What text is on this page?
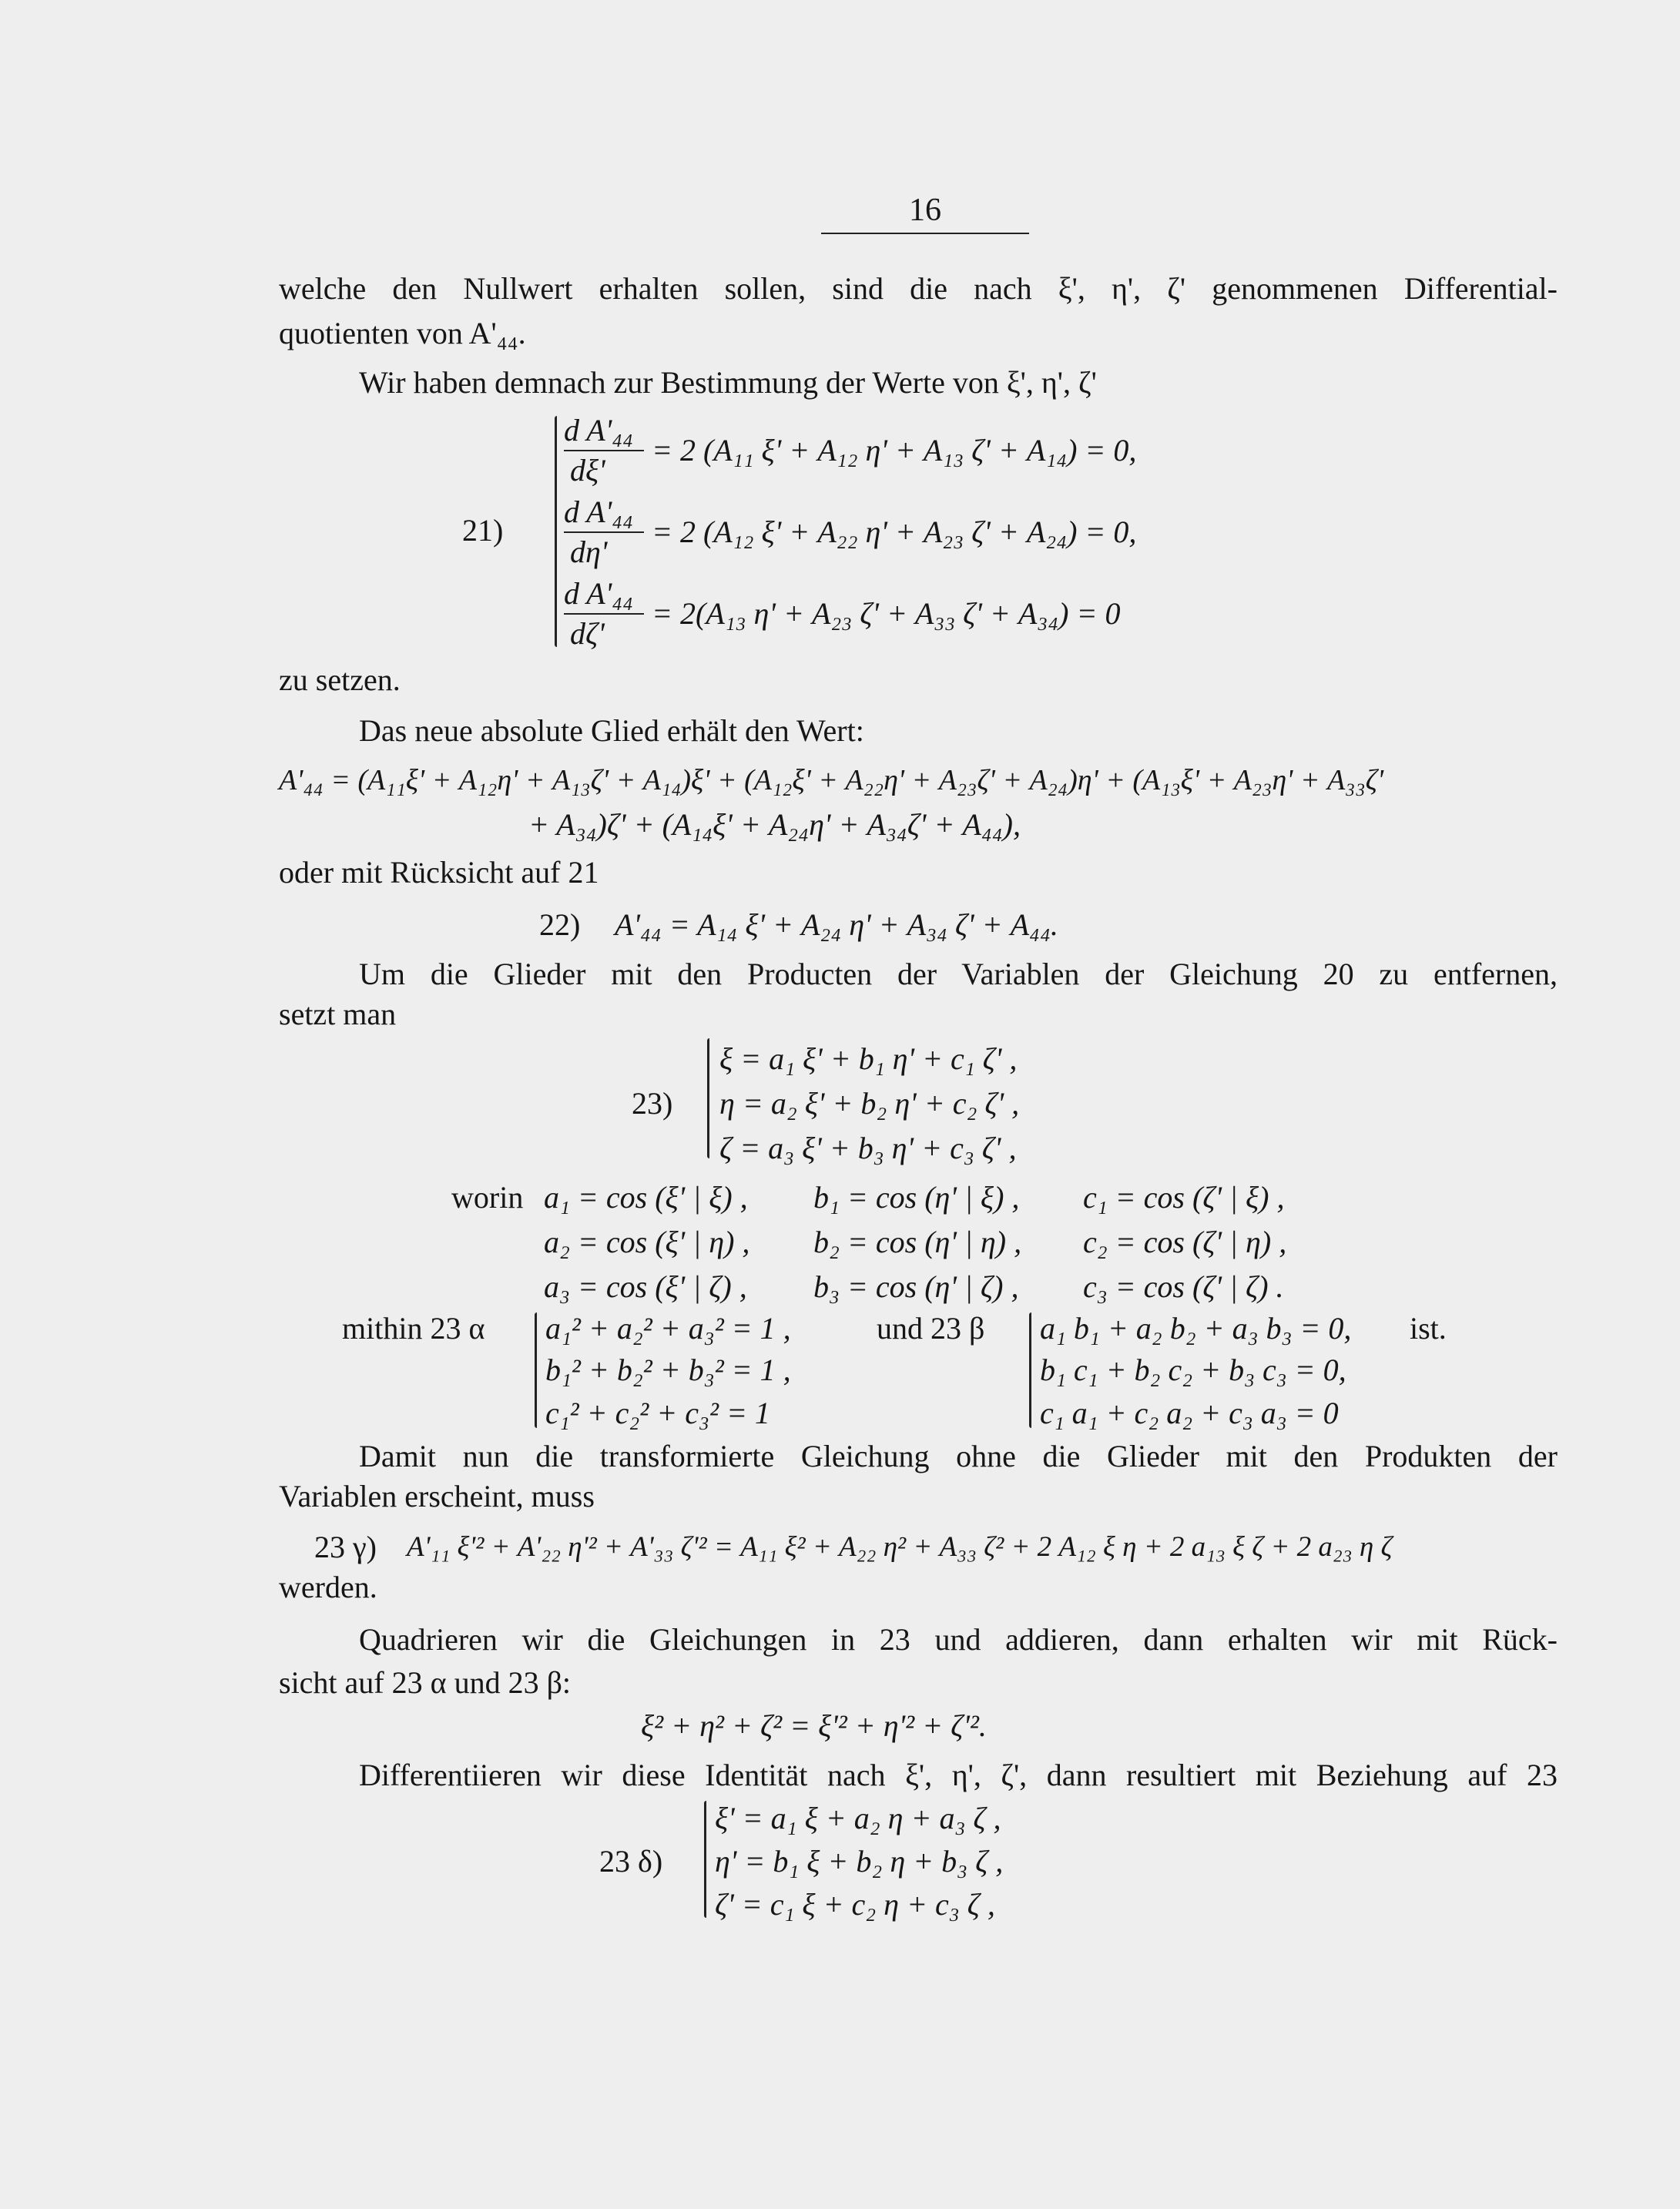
16
welche den Nullwert erhalten sollen, sind die nach ξ', η', ζ' genommenen Differential-
quotienten von A'₄₄.
Wir haben demnach zur Bestimmung der Werte von ξ', η', ζ'
21)
d A'₄₄
dξ'
= 2 (A₁₁ ξ' + A₁₂ η' + A₁₃ ζ' + A₁₄) = 0,
d A'₄₄
dη'
= 2 (A₁₂ ξ' + A₂₂ η' + A₂₃ ζ' + A₂₄) = 0,
d A'₄₄
dζ'
= 2(A₁₃ η' + A₂₃ ζ' + A₃₃ ζ' + A₃₄) = 0
zu setzen.
Das neue absolute Glied erhält den Wert:
A'₄₄ = (A₁₁ξ' + A₁₂η' + A₁₃ζ' + A₁₄)ξ' + (A₁₂ξ' + A₂₂η' + A₂₃ζ' + A₂₄)η' + (A₁₃ξ' + A₂₃η' + A₃₃ζ'
+ A₃₄)ζ' + (A₁₄ξ' + A₂₄η' + A₃₄ζ' + A₄₄),
oder mit Rücksicht auf 21
22) A'₄₄ = A₁₄ ξ' + A₂₄ η' + A₃₄ ζ' + A₄₄.
Um die Glieder mit den Producten der Variablen der Gleichung 20 zu entfernen,
setzt man
23)
ξ = a₁ ξ' + b₁ η' + c₁ ζ' ,
η = a₂ ξ' + b₂ η' + c₂ ζ' ,
ζ = a₃ ξ' + b₃ η' + c₃ ζ' ,
worin a₁ = cos (ξ' | ξ) , b₁ = cos (η' | ξ) , c₁ = cos (ζ' | ξ) ,
a₂ = cos (ξ' | η) , b₂ = cos (η' | η) , c₂ = cos (ζ' | η) ,
a₃ = cos (ξ' | ζ) , b₃ = cos (η' | ζ) , c₃ = cos (ζ' | ζ) .
mithin 23 α a₁² + a₂² + a₃² = 1 ,
b₁² + b₂² + b₃² = 1 ,
c₁² + c₂² + c₃² = 1
und 23 β a₁ b₁ + a₂ b₂ + a₃ b₃ = 0,
b₁ c₁ + b₂ c₂ + b₃ c₃ = 0,
c₁ a₁ + c₂ a₂ + c₃ a₃ = 0
ist.
Damit nun die transformierte Gleichung ohne die Glieder mit den Produkten der
Variablen erscheint, muss
23 γ) A'₁₁ ξ'² + A'₂₂ η'² + A'₃₃ ζ'² = A₁₁ ξ² + A₂₂ η² + A₃₃ ζ² + 2 A₁₂ ξ η + 2 a₁₃ ξ ζ + 2 a₂₃ η ζ
werden.
Quadrieren wir die Gleichungen in 23 und addieren, dann erhalten wir mit Rück-
sicht auf 23 α und 23 β:
ξ² + η² + ζ² = ξ'² + η'² + ζ'².
Differentiieren wir diese Identität nach ξ', η', ζ', dann resultiert mit Beziehung auf 23
23 δ)
ξ' = a₁ ξ + a₂ η + a₃ ζ ,
η' = b₁ ξ + b₂ η + b₃ ζ ,
ζ' = c₁ ξ + c₂ η + c₃ ζ ,
